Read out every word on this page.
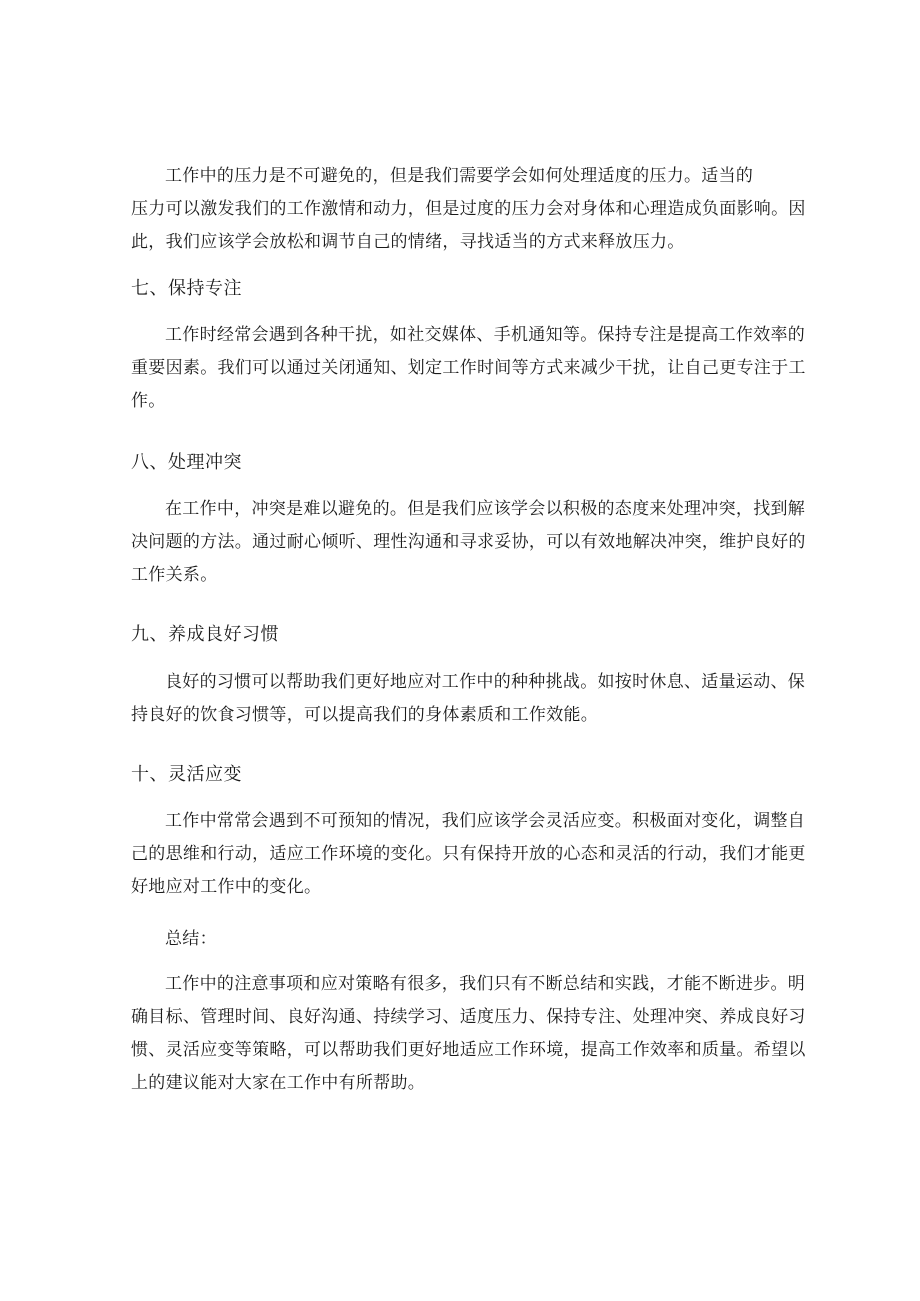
工作中的压力是不可避免的，但是我们需要学会如何处理适度的压力。适当的
压力可以激发我们的工作激情和动力，但是过度的压力会对身体和心理造成负面影响。因
此，我们应该学会放松和调节自己的情绪，寻找适当的方式来释放压力。
七、保持专注
工作时经常会遇到各种干扰，如社交媒体、手机通知等。保持专注是提高工作效率的
重要因素。我们可以通过关闭通知、划定工作时间等方式来减少干扰，让自己更专注于工
作。
八、处理冲突
在工作中，冲突是难以避免的。但是我们应该学会以积极的态度来处理冲突，找到解
决问题的方法。通过耐心倾听、理性沟通和寻求妥协，可以有效地解决冲突，维护良好的
工作关系。
九、养成良好习惯
良好的习惯可以帮助我们更好地应对工作中的种种挑战。如按时休息、适量运动、保
持良好的饮食习惯等，可以提高我们的身体素质和工作效能。
十、灵活应变
工作中常常会遇到不可预知的情况，我们应该学会灵活应变。积极面对变化，调整自
己的思维和行动，适应工作环境的变化。只有保持开放的心态和灵活的行动，我们才能更
好地应对工作中的变化。
总结：
工作中的注意事项和应对策略有很多，我们只有不断总结和实践，才能不断进步。明
确目标、管理时间、良好沟通、持续学习、适度压力、保持专注、处理冲突、养成良好习
惯、灵活应变等策略，可以帮助我们更好地适应工作环境，提高工作效率和质量。希望以
上的建议能对大家在工作中有所帮助。
